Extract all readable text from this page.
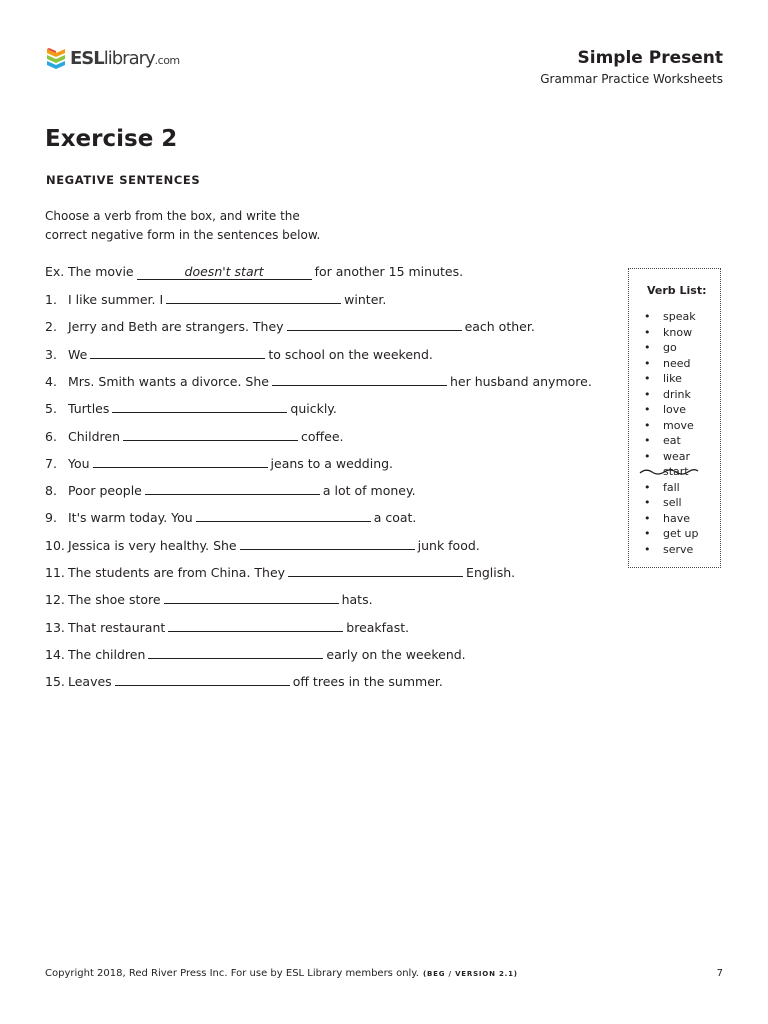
ESLlibrary.com	Simple Present
Grammar Practice Worksheets
Exercise 2
NEGATIVE SENTENCES
Choose a verb from the box, and write the
correct negative form in the sentences below.
Ex. The movie	doesn't start	for another 15 minutes.
1. I like summer. I	winter.
2. Jerry and Beth are strangers. They	each other.
3. We	to school on the weekend.
4. Mrs. Smith wants a divorce. She	her husband anymore.
5. Turtles	quickly.
6. Children	coffee.
7. You	jeans to a wedding.
8. Poor people	a lot of money.
9. It's warm today. You	a coat.
10. Jessica is very healthy. She	junk food.
11. The students are from China. They	English.
12. The shoe store	hats.
13. That restaurant	breakfast.
14. The children	early on the weekend.
15. Leaves	off trees in the summer.
Verb List:
• speak
• know
• go
• need
• like
• drink
• love
• move
• eat
• wear
start
• fall
• sell
• have
• get up
• serve
Copyright 2018, Red River Press Inc. For use by ESL Library members only. (BEG / VERSION 2.1)	7
